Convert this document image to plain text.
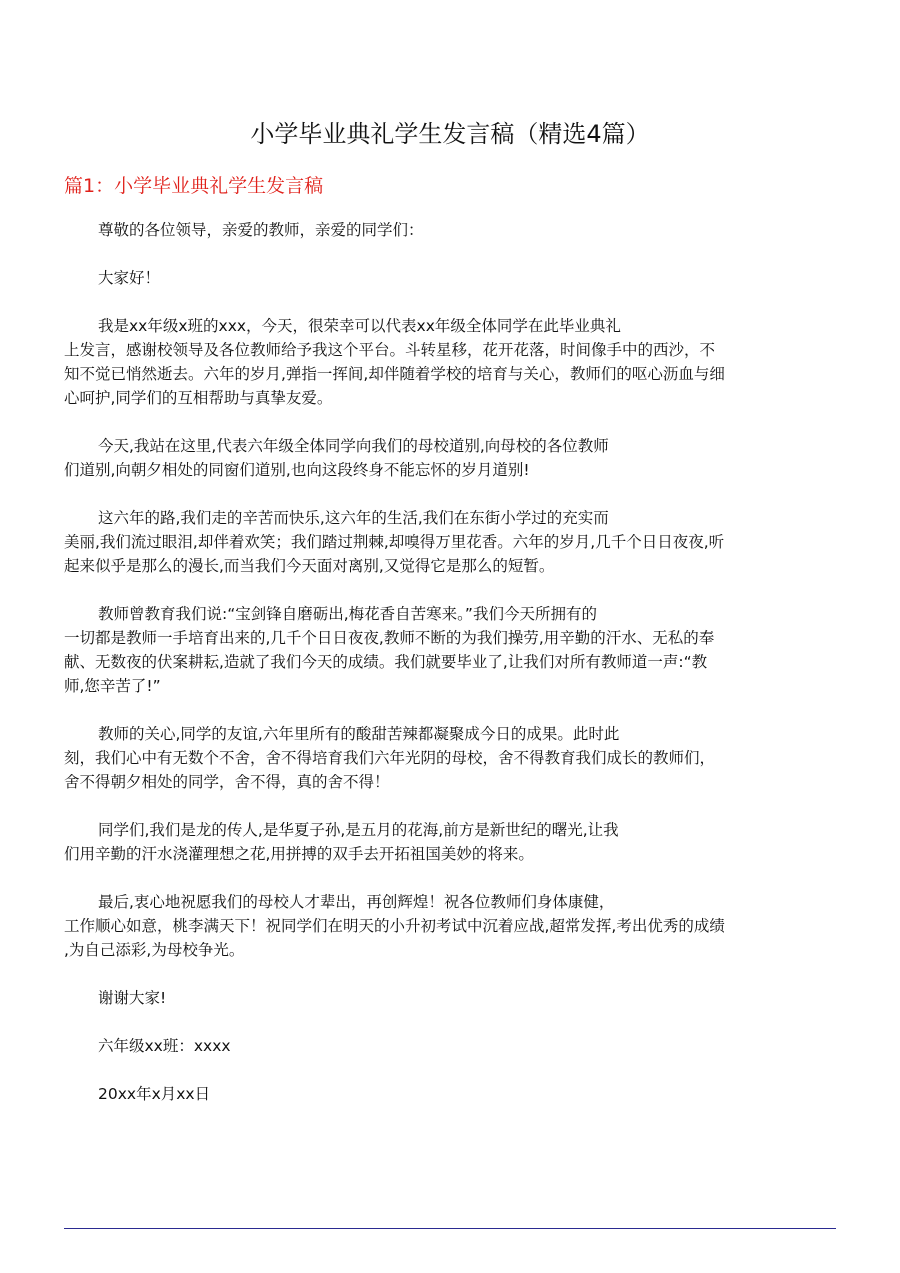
小学毕业典礼学生发言稿（精选4篇）
篇1：小学毕业典礼学生发言稿

尊敬的各位领导，亲爱的教师，亲爱的同学们：

大家好！

我是xx年级x班的xxx，今天，很荣幸可以代表xx年级全体同学在此毕业典礼
上发言，感谢校领导及各位教师给予我这个平台。斗转星移，花开花落，时间像手中的西沙，不
知不觉已悄然逝去。六年的岁月,弹指一挥间,却伴随着学校的培育与关心，教师们的呕心沥血与细
心呵护,同学们的互相帮助与真挚友爱。

今天,我站在这里,代表六年级全体同学向我们的母校道别,向母校的各位教师
们道别,向朝夕相处的同窗们道别,也向这段终身不能忘怀的岁月道别!

这六年的路,我们走的辛苦而快乐,这六年的生活,我们在东街小学过的充实而
美丽,我们流过眼泪,却伴着欢笑；我们踏过荆棘,却嗅得万里花香。六年的岁月,几千个日日夜夜,听
起来似乎是那么的漫长,而当我们今天面对离别,又觉得它是那么的短暂。

教师曾教育我们说:“宝剑锋自磨砺出,梅花香自苦寒来。”我们今天所拥有的
一切都是教师一手培育出来的,几千个日日夜夜,教师不断的为我们操劳,用辛勤的汗水、无私的奉
献、无数夜的伏案耕耘,造就了我们今天的成绩。我们就要毕业了,让我们对所有教师道一声:“教
师,您辛苦了!”

教师的关心,同学的友谊,六年里所有的酸甜苦辣都凝聚成今日的成果。此时此
刻，我们心中有无数个不舍，舍不得培育我们六年光阴的母校，舍不得教育我们成长的教师们，
舍不得朝夕相处的同学，舍不得，真的舍不得！

同学们,我们是龙的传人,是华夏子孙,是五月的花海,前方是新世纪的曙光,让我
们用辛勤的汗水浇灌理想之花,用拼搏的双手去开拓祖国美妙的将来。

最后,衷心地祝愿我们的母校人才辈出，再创辉煌！祝各位教师们身体康健，
工作顺心如意，桃李满天下！祝同学们在明天的小升初考试中沉着应战,超常发挥,考出优秀的成绩
,为自己添彩,为母校争光。

谢谢大家!

六年级xx班：xxxx

20xx年x月xx日
